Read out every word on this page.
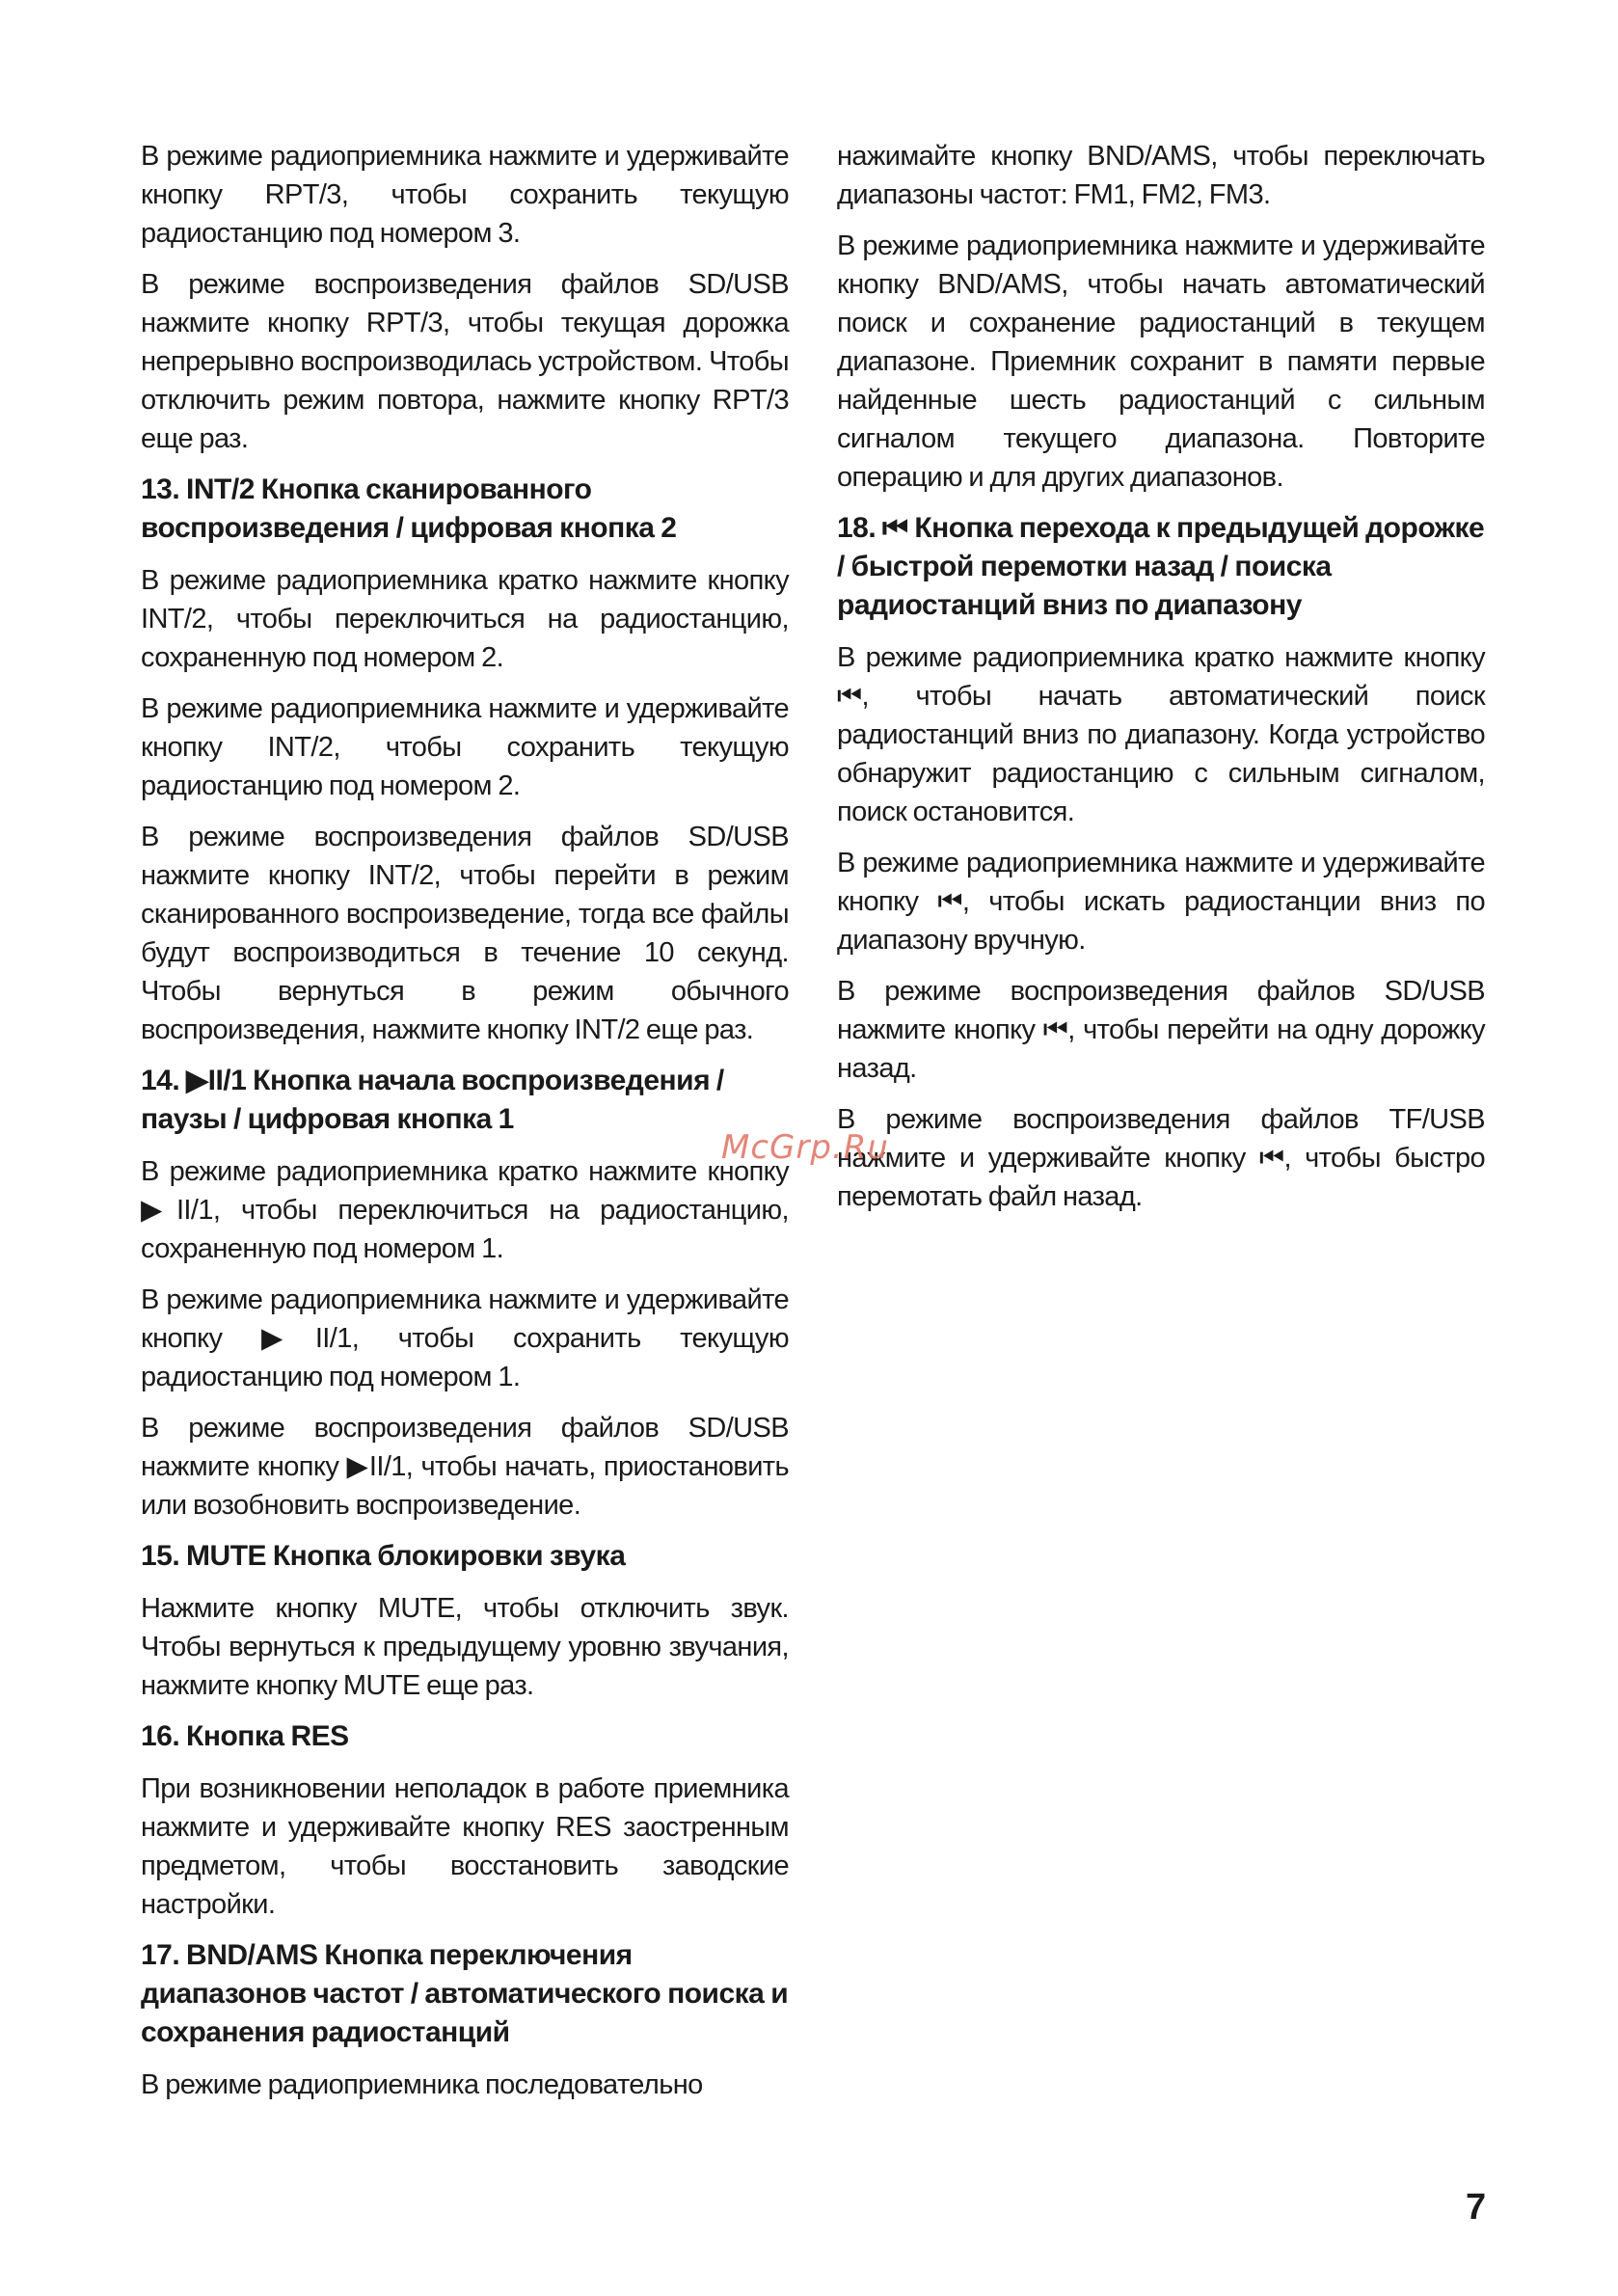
В режиме радиоприемника нажмите и удерживайте кнопку RPT/3, чтобы сохранить текущую радиостанцию под номером 3.

В режиме воспроизведения файлов SD/USB нажмите кнопку RPT/3, чтобы текущая дорожка непрерывно воспроизводилась устройством. Чтобы отключить режим повтора, нажмите кнопку RPT/3 еще раз.

13. INT/2 Кнопка сканированного воспроизведения / цифровая кнопка 2

В режиме радиоприемника кратко нажмите кнопку INT/2, чтобы переключиться на радиостанцию, сохраненную под номером 2.

В режиме радиоприемника нажмите и удерживайте кнопку INT/2, чтобы сохранить текущую радиостанцию под номером 2.

В режиме воспроизведения файлов SD/USB нажмите кнопку INT/2, чтобы перейти в режим сканированного воспроизведение, тогда все файлы будут воспроизводиться в течение 10 секунд. Чтобы вернуться в режим обычного воспроизведения, нажмите кнопку INT/2 еще раз.

14. ▶II/1 Кнопка начала воспроизведения / паузы / цифровая кнопка 1

В режиме радиоприемника кратко нажмите кнопку ▶II/1, чтобы переключиться на радиостанцию, сохраненную под номером 1.

В режиме радиоприемника нажмите и удерживайте кнопку ▶II/1, чтобы сохранить текущую радиостанцию под номером 1.

В режиме воспроизведения файлов SD/USB нажмите кнопку ▶II/1, чтобы начать, приостановить или возобновить воспроизведение.

15. MUTE Кнопка блокировки звука

Нажмите кнопку MUTE, чтобы отключить звук. Чтобы вернуться к предыдущему уровню звучания, нажмите кнопку MUTE еще раз.

16. Кнопка RES

При возникновении неполадок в работе приемника нажмите и удерживайте кнопку RES заостренным предметом, чтобы восстановить заводские настройки.

17. BND/AMS Кнопка переключения диапазонов частот / автоматического поиска и сохранения радиостанций

В режиме радиоприемника последовательно

нажимайте кнопку BND/AMS, чтобы переключать диапазоны частот: FM1, FM2, FM3.

В режиме радиоприемника нажмите и удерживайте кнопку BND/AMS, чтобы начать автоматический поиск и сохранение радиостанций в текущем диапазоне. Приемник сохранит в памяти первые найденные шесть радиостанций с сильным сигналом текущего диапазона. Повторите операцию и для других диапазонов.

18. ⏮ Кнопка перехода к предыдущей дорожке / быстрой перемотки назад / поиска радиостанций вниз по диапазону

В режиме радиоприемника кратко нажмите кнопку ⏮, чтобы начать автоматический поиск радиостанций вниз по диапазону. Когда устройство обнаружит радиостанцию с сильным сигналом, поиск остановится.

В режиме радиоприемника нажмите и удерживайте кнопку ⏮, чтобы искать радиостанции вниз по диапазону вручную.

В режиме воспроизведения файлов SD/USB нажмите кнопку ⏮, чтобы перейти на одну дорожку назад.

В режиме воспроизведения файлов TF/USB нажмите и удерживайте кнопку ⏮, чтобы быстро перемотать файл назад.

McGrp.Ru
7
